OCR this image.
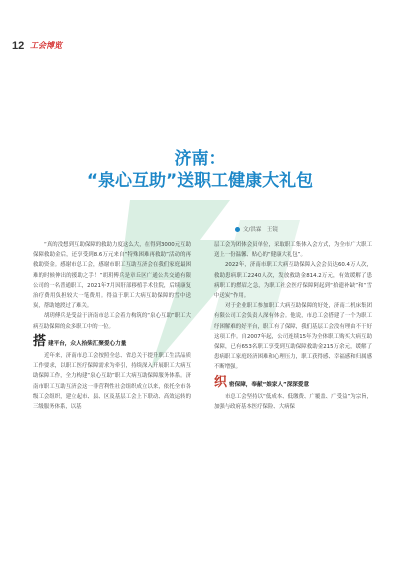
12 工会博览
济南：
“泉心互助”送职工健康大礼包
文/洪霖　王镜

“真的没想到互助保障的救助力度这么大，在得到3000元互助保障救助金后，还享受到8.6万元来自“特殊困难再救助”活动的再救助资金。感谢市总工会，感谢市职工互助互济会在我们家庭最困难的时候伸出的援助之手！”胡玥傅兵是章丘区广通公共交通有限公司的一名普通职工，2021年7月因肝部移植手术住院，后续康复治疗费用负担较大一笔费用。得益于职工大病互助保障的雪中送炭，帮助她渡过了难关。

胡玥傅兵是受益于济南市总工会着力构筑的“泉心互助”职工大病互助保障的众多职工中的一位。

搭 建平台，众人拾柴汇聚爱心力量

近年来，济南市总工会按照全总、省总关于提升职工生活品质工作要求，以职工医疗保障需求为牵引，持续深入开展职工大病互助保障工作，全力构建“泉心互助”职工大病互助保障服务体系。济南市职工互助互济会这一非营利性社会组织成立以来，依托全市各级工会组织，建立起市、县、区及基层工会上下联动、高效运转的三级服务体系，以基

层工会为团体会员单位，采取职工集体入会方式，为全市广大职工送上一份温馨、贴心的“健康大礼包”。

2022年，济南市职工大病互助保障入会会员达60.4万人次，救助患病职工2240人次，发放救助金814.2万元，有效缓解了患病职工的燃眉之急，为职工社会医疗保障阿起到“拾遗补缺”和“雪中送炭”作用。

对于企业职工参加职工大病互助保障的好处，济南二机床集团有限公司工会负责人深有体会。他说，市总工会搭建了一个为职工纾困解难的好平台，职工有了保障，我们基层工会没有理由不干好这项工作。自2007年起，公司连续15年为全体职工购买大病互助保障，已有653名职工享受到互助保障救助金215万余元，缓解了患病职工家庭经济困难和心理压力，职工获得感、幸福感和归属感不断增强。

织 密保障，奉献“娘家人”深深爱意

市总工会坚持以“低成本、低缴费、广覆盖、广受益”为宗旨，加强与政府基本医疗保险、大病保
